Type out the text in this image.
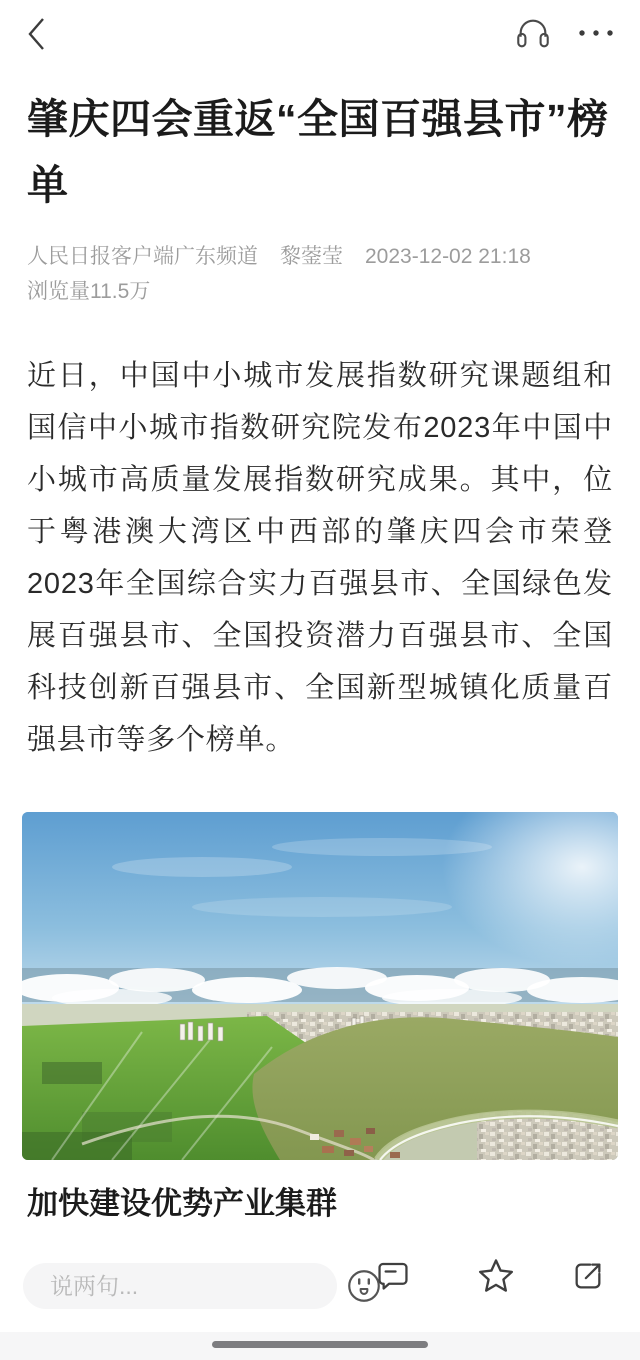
肇庆四会重返“全国百强县市”榜单
人民日报客户端广东频道 黎蓥莹 2023-12-02 21:18
浏览量11.5万

近日，中国中小城市发展指数研究课题组和国信中小城市指数研究院发布2023年中国中小城市高质量发展指数研究成果。其中，位于粤港澳大湾区中西部的肇庆四会市荣登2023年全国综合实力百强县市、全国绿色发展百强县市、全国投资潜力百强县市、全国科技创新百强县市、全国新型城镇化质量百强县市等多个榜单。

加快建设优势产业集群
说两句...
